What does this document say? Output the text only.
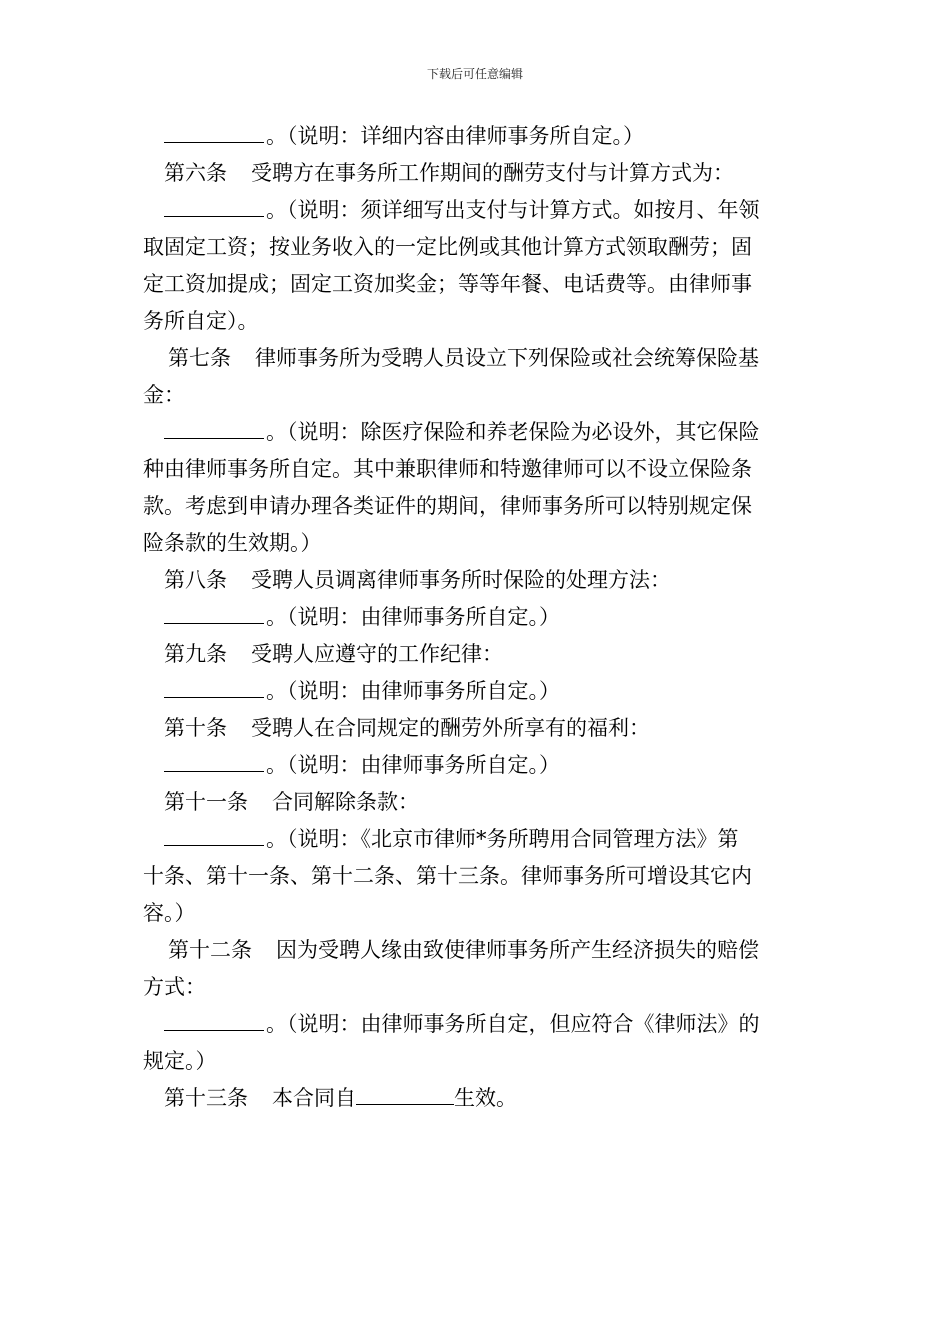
下载后可任意编辑
。（说明：详细内容由律师事务所自定。）
第六条 受聘方在事务所工作期间的酬劳支付与计算方式为：
。（说明：须详细写出支付与计算方式。如按月、年领
取固定工资；按业务收入的一定比例或其他计算方式领取酬劳；固
定工资加提成；固定工资加奖金；等等年餐、电话费等。由律师事
务所自定）。
第七条 律师事务所为受聘人员设立下列保险或社会统筹保险基
金：
。（说明：除医疗保险和养老保险为必设外，其它保险
种由律师事务所自定。其中兼职律师和特邀律师可以不设立保险条
款。考虑到申请办理各类证件的期间，律师事务所可以特别规定保
险条款的生效期。）
第八条 受聘人员调离律师事务所时保险的处理方法：
。（说明：由律师事务所自定。）
第九条 受聘人应遵守的工作纪律：
。（说明：由律师事务所自定。）
第十条 受聘人在合同规定的酬劳外所享有的福利：
。（说明：由律师事务所自定。）
第十一条 合同解除条款：
。（说明：《北京市律师*务所聘用合同管理方法》第
十条、第十一条、第十二条、第十三条。律师事务所可增设其它内
容。）
第十二条 因为受聘人缘由致使律师事务所产生经济损失的赔偿
方式：
。（说明：由律师事务所自定，但应符合《律师法》的
规定。）
第十三条 本合同自	生效。
